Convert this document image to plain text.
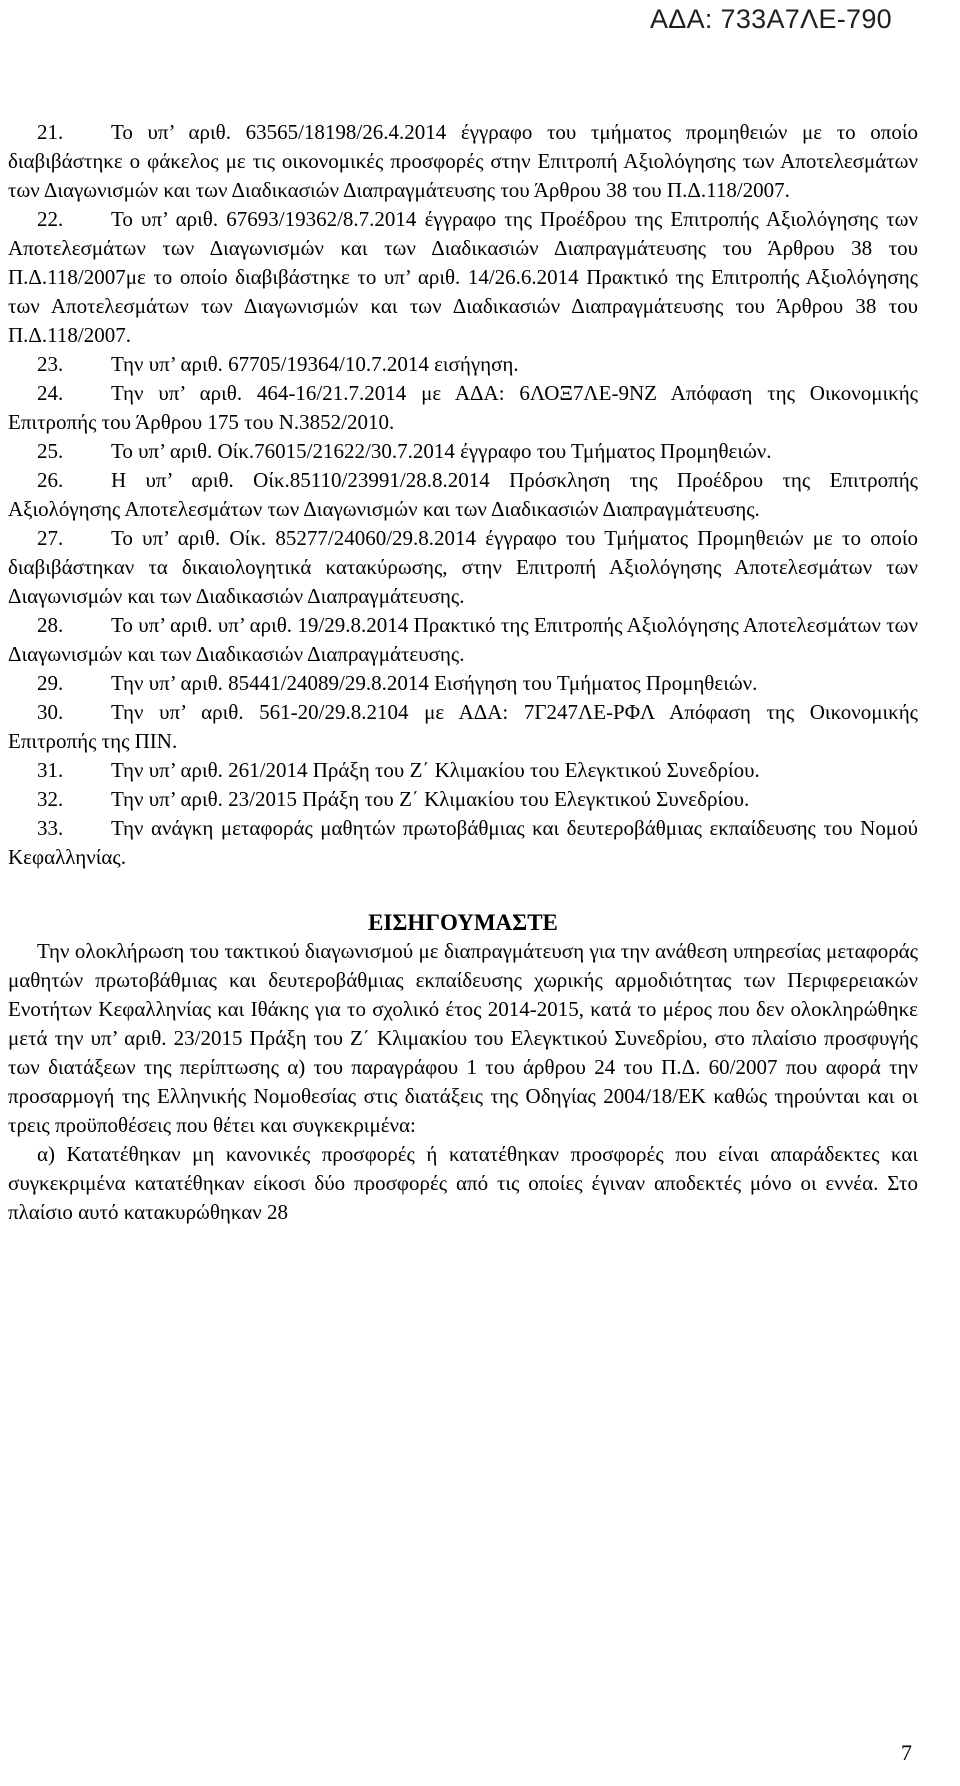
ΑΔΑ: 733Α7ΛΕ-790
21. Το υπ’ αριθ. 63565/18198/26.4.2014 έγγραφο του τμήματος προμηθειών με το οποίο διαβιβάστηκε ο φάκελος με τις οικονομικές προσφορές στην Επιτροπή Αξιολόγησης των Αποτελεσμάτων των Διαγωνισμών και των Διαδικασιών Διαπραγμάτευσης του Άρθρου 38 του Π.Δ.118/2007.
22. Το υπ’ αριθ. 67693/19362/8.7.2014 έγγραφο της Προέδρου της Επιτροπής Αξιολόγησης των Αποτελεσμάτων των Διαγωνισμών και των Διαδικασιών Διαπραγμάτευσης του Άρθρου 38 του Π.Δ.118/2007με το οποίο διαβιβάστηκε το υπ’ αριθ. 14/26.6.2014 Πρακτικό της Επιτροπής Αξιολόγησης των Αποτελεσμάτων των Διαγωνισμών και των Διαδικασιών Διαπραγμάτευσης του Άρθρου 38 του Π.Δ.118/2007.
23. Την υπ’ αριθ. 67705/19364/10.7.2014 εισήγηση.
24. Την υπ’ αριθ. 464-16/21.7.2014 με ΑΔΑ: 6ΛΟΞ7ΛΕ-9ΝΖ Απόφαση της Οικονομικής Επιτροπής του Άρθρου 175 του Ν.3852/2010.
25. Το υπ’ αριθ. Οίκ.76015/21622/30.7.2014 έγγραφο του Τμήματος Προμηθειών.
26. Η υπ’ αριθ. Οίκ.85110/23991/28.8.2014 Πρόσκληση της Προέδρου της Επιτροπής Αξιολόγησης Αποτελεσμάτων των Διαγωνισμών και των Διαδικασιών Διαπραγμάτευσης.
27. Το υπ’ αριθ. Οίκ. 85277/24060/29.8.2014 έγγραφο του Τμήματος Προμηθειών με το οποίο διαβιβάστηκαν τα δικαιολογητικά κατακύρωσης, στην Επιτροπή Αξιολόγησης Αποτελεσμάτων των Διαγωνισμών και των Διαδικασιών Διαπραγμάτευσης.
28. Το υπ’ αριθ. υπ’ αριθ. 19/29.8.2014 Πρακτικό της Επιτροπής Αξιολόγησης Αποτελεσμάτων των Διαγωνισμών και των Διαδικασιών Διαπραγμάτευσης.
29. Την υπ’ αριθ. 85441/24089/29.8.2014 Εισήγηση του Τμήματος Προμηθειών.
30. Την υπ’ αριθ. 561-20/29.8.2104 με ΑΔΑ: 7Γ247ΛΕ-ΡΦΛ Απόφαση της Οικονομικής Επιτροπής της ΠΙΝ.
31. Την υπ’ αριθ. 261/2014 Πράξη του Ζ΄ Κλιμακίου του Ελεγκτικού Συνεδρίου.
32. Την υπ’ αριθ. 23/2015 Πράξη του Ζ΄ Κλιμακίου του Ελεγκτικού Συνεδρίου.
33. Την ανάγκη μεταφοράς μαθητών πρωτοβάθμιας και δευτεροβάθμιας εκπαίδευσης του Νομού Κεφαλληνίας.
ΕΙΣΗΓΟΥΜΑΣΤΕ
Την ολοκλήρωση του τακτικού διαγωνισμού με διαπραγμάτευση για την ανάθεση υπηρεσίας μεταφοράς μαθητών πρωτοβάθμιας και δευτεροβάθμιας εκπαίδευσης χωρικής αρμοδιότητας των Περιφερειακών Ενοτήτων Κεφαλληνίας και Ιθάκης για το σχολικό έτος 2014-2015, κατά το μέρος που δεν ολοκληρώθηκε μετά την υπ’ αριθ. 23/2015 Πράξη του Ζ΄ Κλιμακίου του Ελεγκτικού Συνεδρίου, στο πλαίσιο προσφυγής των διατάξεων της περίπτωσης α) του παραγράφου 1 του άρθρου 24 του Π.Δ. 60/2007 που αφορά την προσαρμογή της Ελληνικής Νομοθεσίας στις διατάξεις της Οδηγίας 2004/18/ΕΚ καθώς τηρούνται και οι τρεις προϋποθέσεις που θέτει και συγκεκριμένα:
α) Κατατέθηκαν μη κανονικές προσφορές ή κατατέθηκαν προσφορές που είναι απαράδεκτες και συγκεκριμένα κατατέθηκαν είκοσι δύο προσφορές από τις οποίες έγιναν αποδεκτές μόνο οι εννέα. Στο πλαίσιο αυτό κατακυρώθηκαν 28
7
